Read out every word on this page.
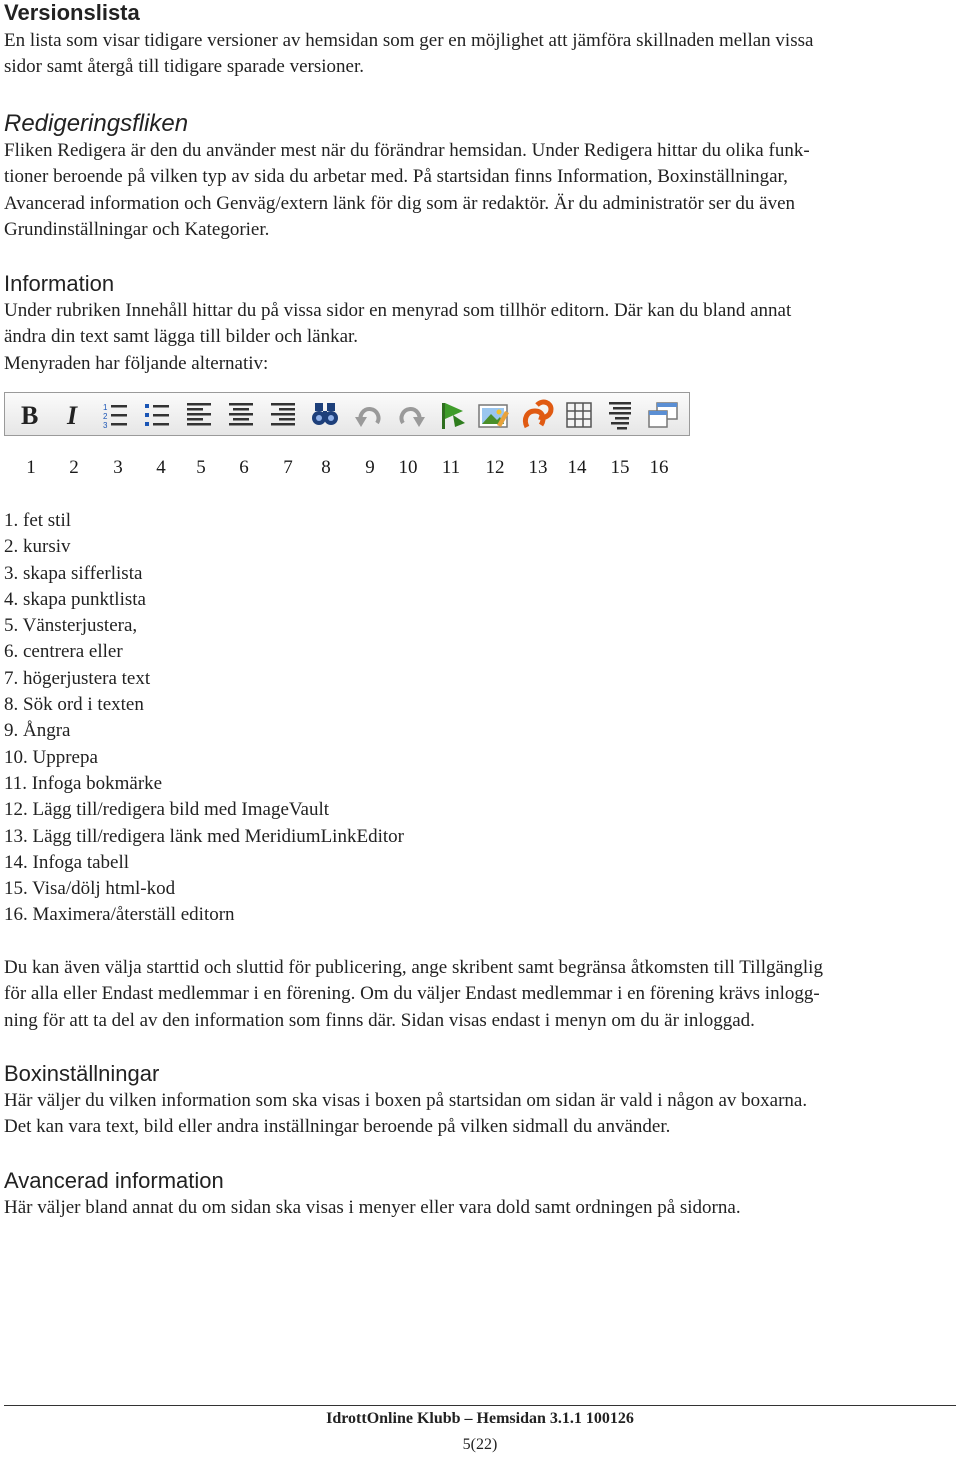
Versionslista

En lista som visar tidigare versioner av hemsidan som ger en möjlighet att jämföra skillnaden mellan vissa
sidor samt återgå till tidigare sparade versioner.

Redigeringsfliken

Fliken Redigera är den du använder mest när du förändrar hemsidan. Under Redigera hittar du olika funk-
tioner beroende på vilken typ av sida du arbetar med. På startsidan finns Information, Boxinställningar,
Avancerad information och Genväg/extern länk för dig som är redaktör. Är du administratör ser du även
Grundinställningar och Kategorier.

Information

Under rubriken Innehåll hittar du på vissa sidor en menyrad som tillhör editorn. Där kan du bland annat
ändra din text samt lägga till bilder och länkar.
Menyraden har följande alternativ:

B I	1
2
3
1 2 3 4 5 6 7 8 9 10 11 12 13 14 15 16
1. fet stil
2. kursiv
3. skapa sifferlista
4. skapa punktlista
5. Vänsterjustera,
6. centrera eller
7. högerjustera text
8. Sök ord i texten
9. Ångra
10. Upprepa
11. Infoga bokmärke
12. Lägg till/redigera bild med ImageVault
13. Lägg till/redigera länk med MeridiumLinkEditor
14. Infoga tabell
15. Visa/dölj html-kod
16. Maximera/återställ editorn

Du kan även välja starttid och sluttid för publicering, ange skribent samt begränsa åtkomsten till Tillgänglig
för alla eller Endast medlemmar i en förening. Om du väljer Endast medlemmar i en förening krävs inlogg-
ning för att ta del av den information som finns där. Sidan visas endast i menyn om du är inloggad.

Boxinställningar

Här väljer du vilken information som ska visas i boxen på startsidan om sidan är vald i någon av boxarna.
Det kan vara text, bild eller andra inställningar beroende på vilken sidmall du använder.

Avancerad information

Här väljer bland annat du om sidan ska visas i menyer eller vara dold samt ordningen på sidorna.

IdrottOnline Klubb – Hemsidan 3.1.1 100126
5(22)
